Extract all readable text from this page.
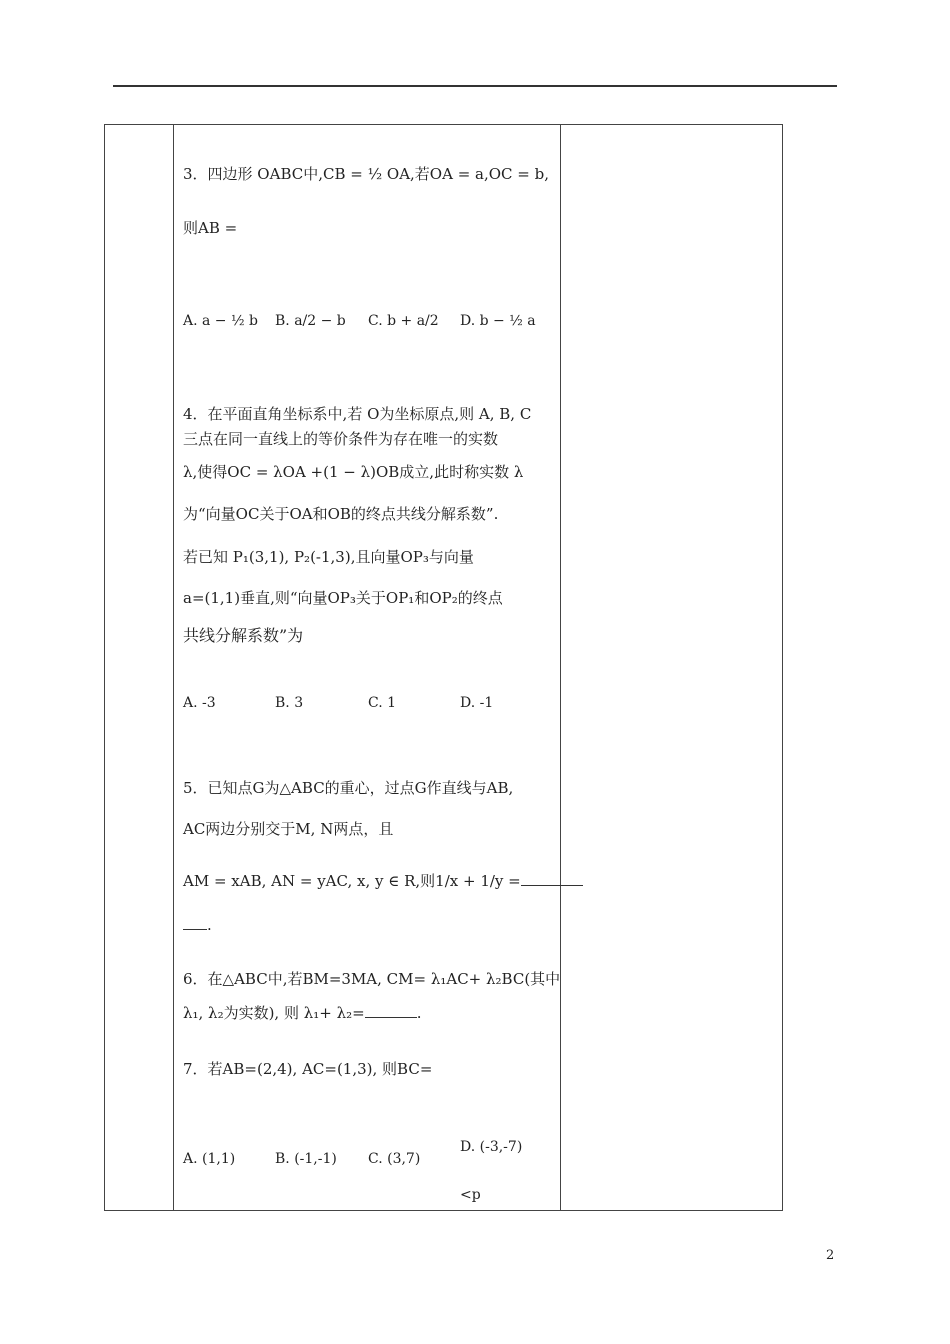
3．四边形 OABC中,CB = ½ OA,若OA = a,OC = b,
则AB =
A. a − ½ b B. a/2 − b C. b + a/2 D. b − ½ a
4．在平面直角坐标系中,若 O为坐标原点,则 A, B, C
三点在同一直线上的等价条件为存在唯一的实数
λ,使得OC = λOA +(1 − λ)OB成立,此时称实数 λ
为“向量OC关于OA和OB的终点共线分解系数”.
若已知 P₁(3,1), P₂(-1,3),且向量OP₃与向量
a=(1,1)垂直,则“向量OP₃关于OP₁和OP₂的终点
共线分解系数”为
A. -3	B. 3	C. 1	D. -1
5．已知点G为△ABC的重心，过点G作直线与AB,
AC两边分别交于M, N两点，且
AM = xAB, AN = yAC, x, y ∈ R,则1/x + 1/y =
.
6．在△ABC中,若BM=3MA, CM= λ₁AC+ λ₂BC(其中
λ₁, λ₂为实数), 则 λ₁+ λ₂=	.
7．若AB=(2,4), AC=(1,3), 则BC=
A. (1,1)	B. (-1,-1) C. (3,7)
D. (-3,-7)
<p
2
